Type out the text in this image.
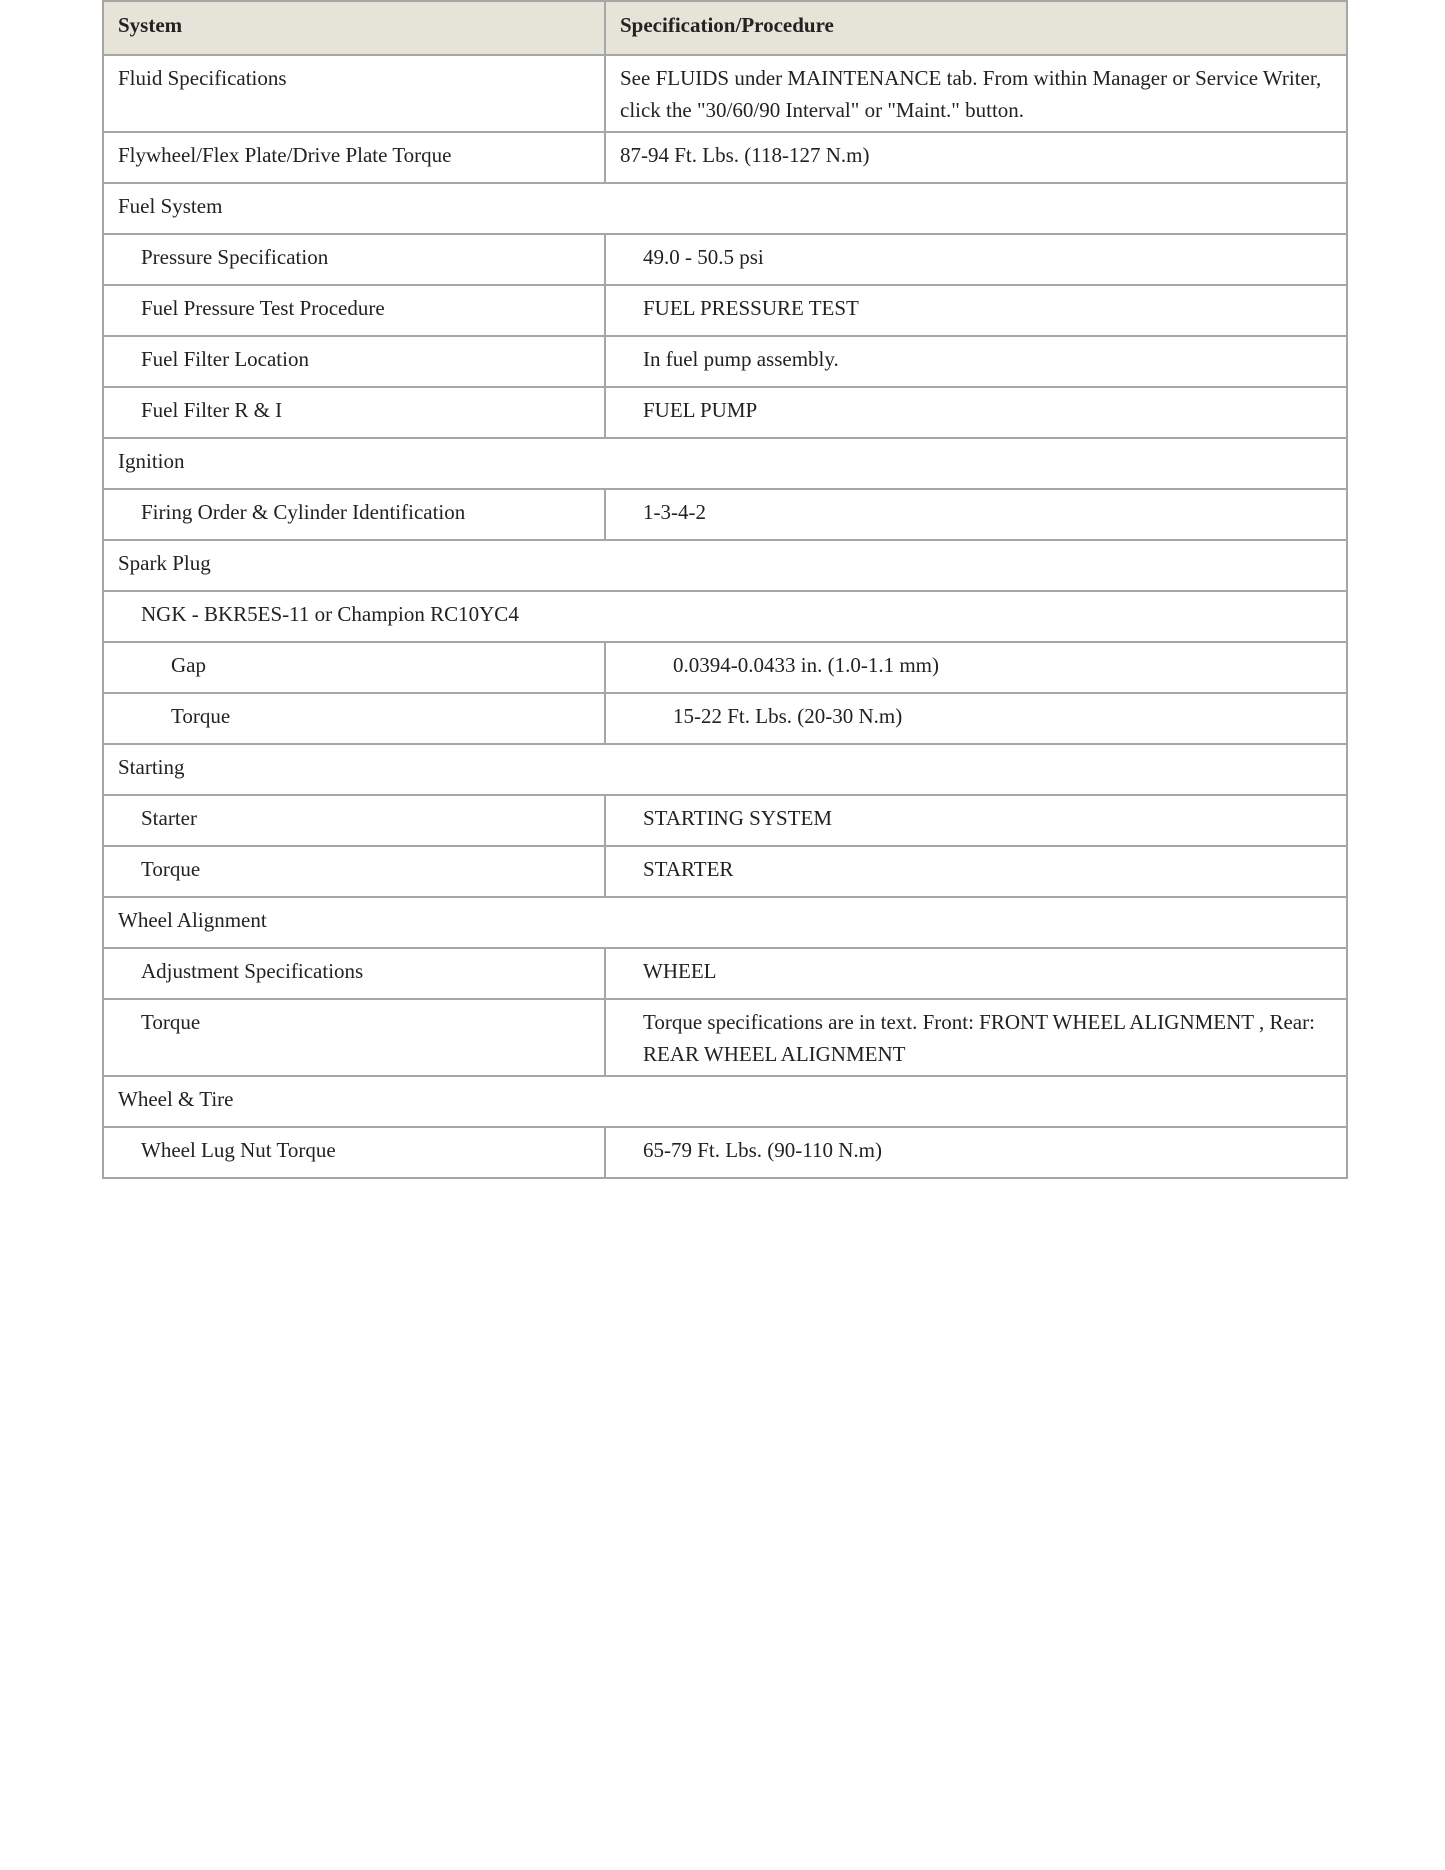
System	Specification/Procedure
Fluid Specifications	See FLUIDS under MAINTENANCE tab. From within Manager or Service Writer, click the "30/60/90 Interval" or "Maint." button.
Flywheel/Flex Plate/Drive Plate Torque	87-94 Ft. Lbs. (118-127 N.m)
Fuel System	
Pressure Specification	49.0 - 50.5 psi
Fuel Pressure Test Procedure	FUEL PRESSURE TEST
Fuel Filter Location	In fuel pump assembly.
Fuel Filter R & I	FUEL PUMP
Ignition	
Firing Order & Cylinder Identification	1-3-4-2
Spark Plug	
NGK - BKR5ES-11 or Champion RC10YC4	
Gap	0.0394-0.0433 in. (1.0-1.1 mm)
Torque	15-22 Ft. Lbs. (20-30 N.m)
Starting	
Starter	STARTING SYSTEM
Torque	STARTER
Wheel Alignment	
Adjustment Specifications	WHEEL
Torque	Torque specifications are in text. Front: FRONT WHEEL ALIGNMENT , Rear: REAR WHEEL ALIGNMENT
Wheel & Tire	
Wheel Lug Nut Torque	65-79 Ft. Lbs. (90-110 N.m)
